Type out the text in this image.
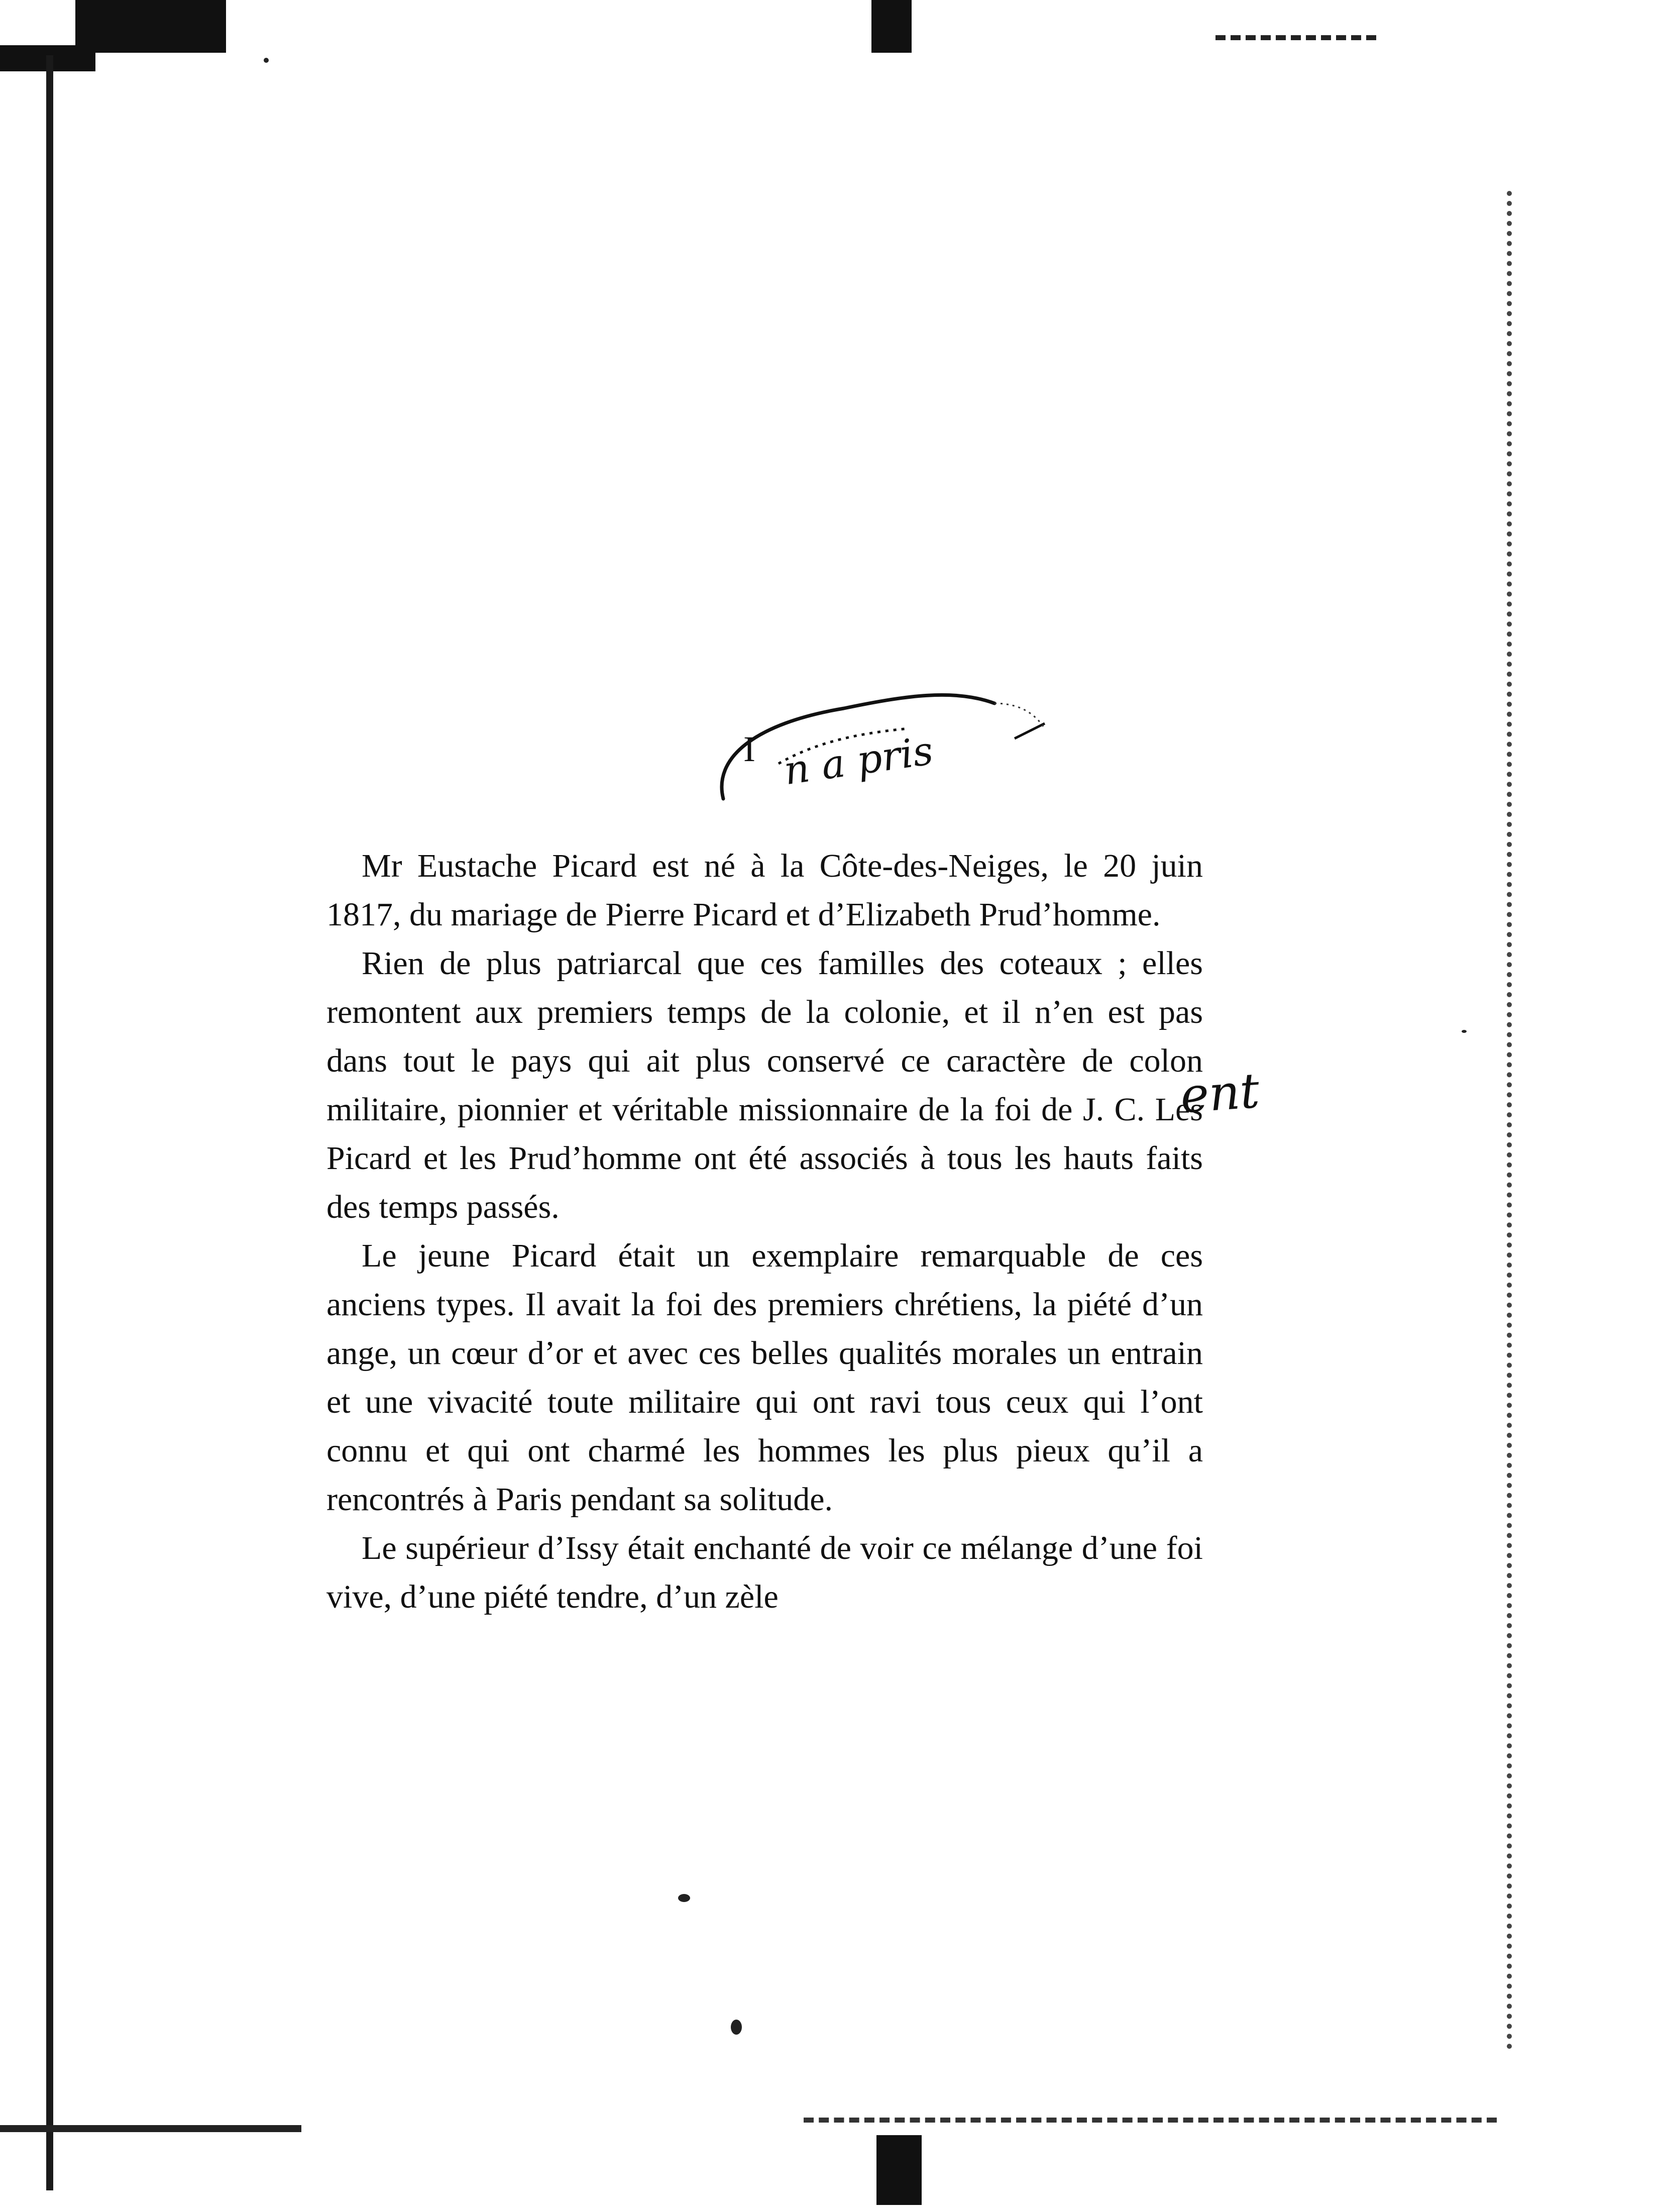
I n a pris
ent

Mr Eustache Picard est né à la Côte-des-Neiges, le 20 juin 1817, du mariage de Pierre Picard et d’Elizabeth Prud’homme.

Rien de plus patriarcal que ces familles des coteaux ; elles remontent aux premiers temps de la colonie, et il n’en est pas dans tout le pays qui ait plus conservé ce caractère de colon militaire, pionnier et véritable missionnaire de la foi de J. C. Les Picard et les Prud’homme ont été associés à tous les hauts faits des temps passés.

Le jeune Picard était un exemplaire remarquable de ces anciens types. Il avait la foi des premiers chrétiens, la piété d’un ange, un cœur d’or et avec ces belles qualités morales un entrain et une vivacité toute militaire qui ont ravi tous ceux qui l’ont connu et qui ont charmé les hommes les plus pieux qu’il a rencontrés à Paris pendant sa solitude.

Le supérieur d’Issy était enchanté de voir ce mélange d’une foi vive, d’une piété tendre, d’un zèle
